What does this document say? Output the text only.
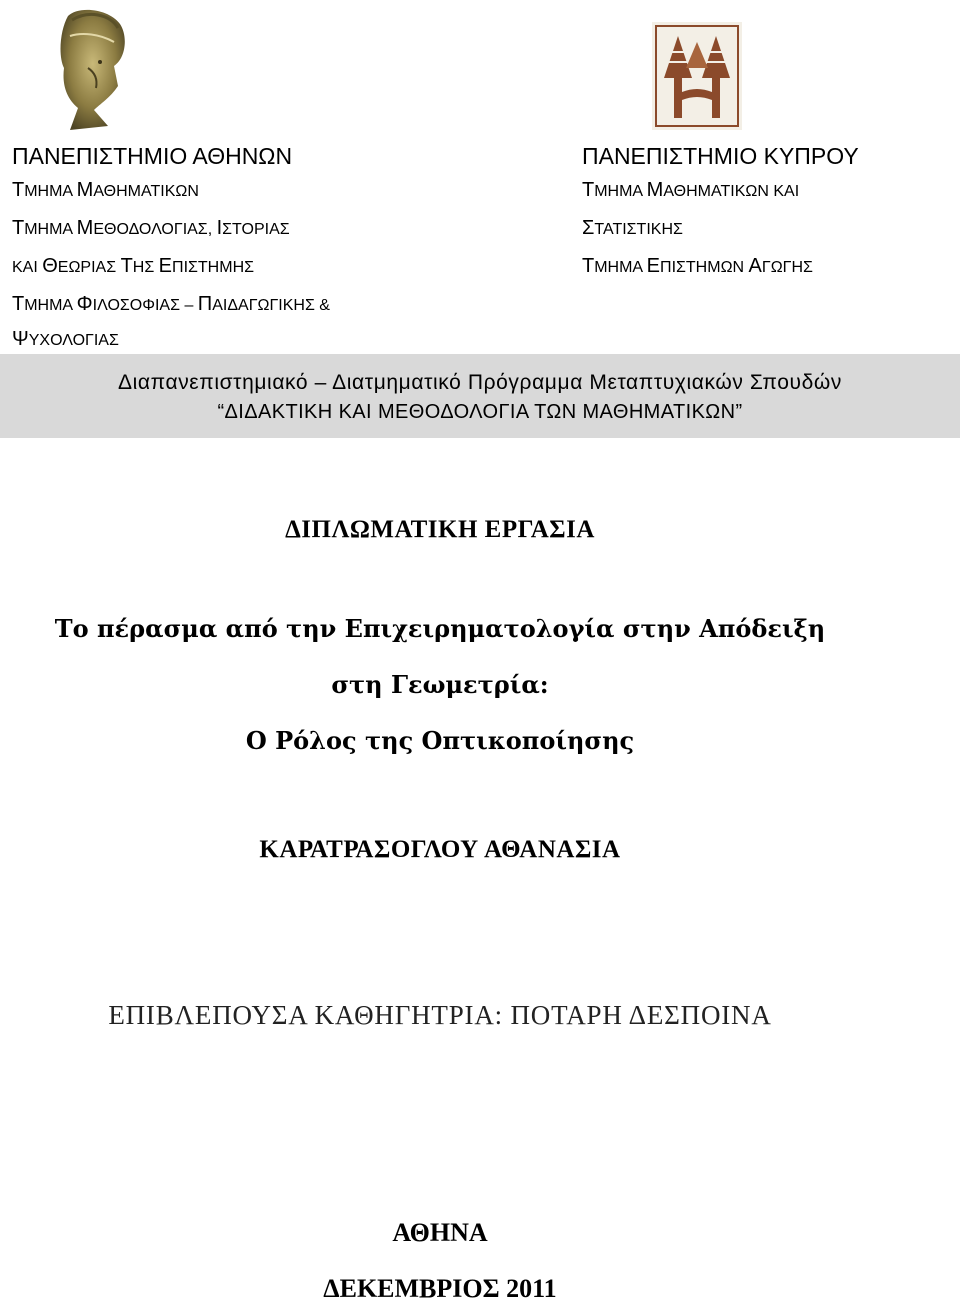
ΠΑΝΕΠΙΣΤΗΜΙΟ ΑΘΗΝΩΝ

ΤΜΗΜΑ ΜΑΘΗΜΑΤΙΚΩΝ

ΤΜΗΜΑ ΜΕΘΟΔΟΛΟΓΙΑΣ, ΙΣΤΟΡΙΑΣ

ΚΑΙ ΘΕΩΡΙΑΣ ΤΗΣ ΕΠΙΣΤΗΜΗΣ

ΤΜΗΜΑ ΦΙΛΟΣΟΦΙΑΣ – ΠΑΙΔΑΓΩΓΙΚΗΣ &

ΨΥΧΟΛΟΓΙΑΣ

ΠΑΝΕΠΙΣΤΗΜΙΟ ΚΥΠΡΟΥ

ΤΜΗΜΑ ΜΑΘΗΜΑΤΙΚΩΝ ΚΑΙ

ΣΤΑΤΙΣΤΙΚΗΣ

ΤΜΗΜΑ ΕΠΙΣΤΗΜΩΝ ΑΓΩΓΗΣ

Διαπανεπιστημιακό – Διατμηματικό Πρόγραμμα Μεταπτυχιακών Σπουδών
“ΔΙΔΑΚΤΙΚΗ ΚΑΙ ΜΕΘΟΔΟΛΟΓΙΑ ΤΩΝ ΜΑΘΗΜΑΤΙΚΩΝ”
ΔΙΠΛΩΜΑΤΙΚΗ ΕΡΓΑΣΙΑ
Το πέρασμα από την Επιχειρηματολογία στην Απόδειξη
στη Γεωμετρία:
Ο Ρόλος της Οπτικοποίησης
ΚΑΡΑΤΡΑΣΟΓΛΟΥ ΑΘΑΝΑΣΙΑ
ΕΠΙΒΛΕΠΟΥΣΑ ΚΑΘΗΓΗΤΡΙΑ: ΠΟΤΑΡΗ ΔΕΣΠΟΙΝΑ
ΑΘΗΝΑ
ΔΕΚΕΜΒΡΙΟΣ 2011
